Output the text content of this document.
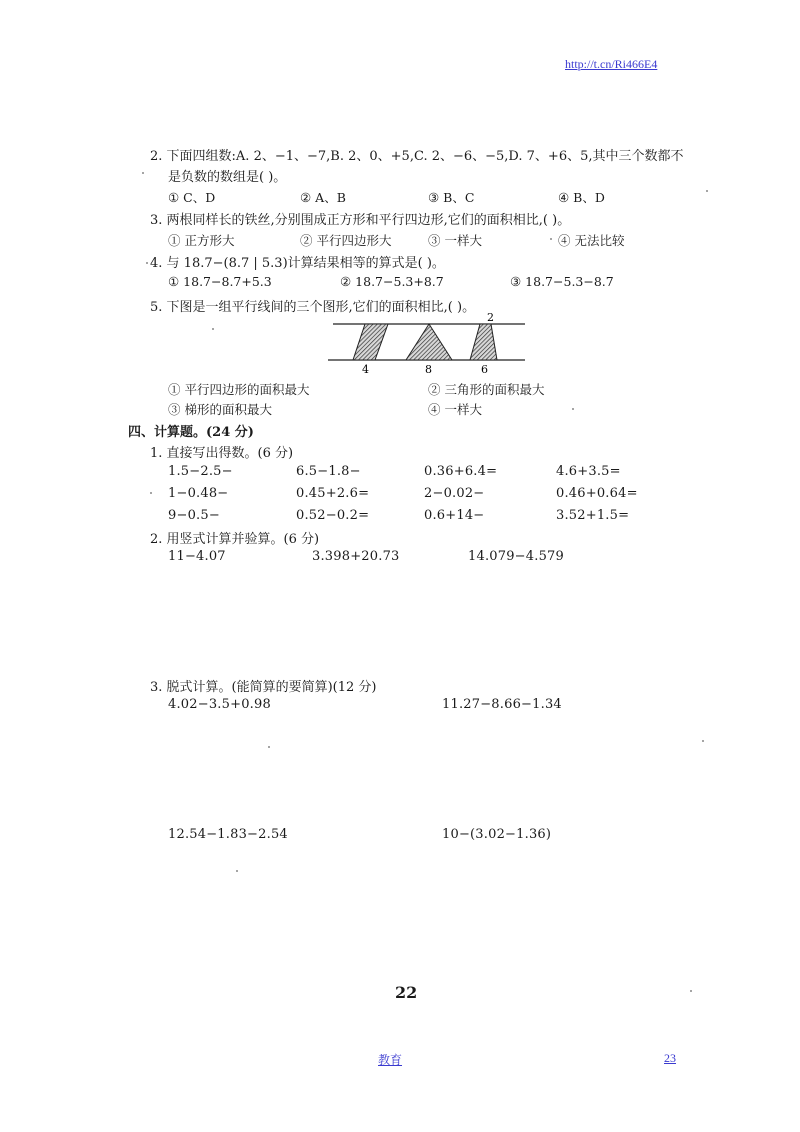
http://t.cn/Ri466E4
2. 下面四组数:A. 2、−1、−7,B. 2、0、+5,C. 2、−6、−5,D. 7、+6、5,其中三个数都不
是负数的数组是( )。
① C、D	② A、B	③ B、C	④ B、D
3. 两根同样长的铁丝,分别围成正方形和平行四边形,它们的面积相比,( )。
① 正方形大	② 平行四边形大	③ 一样大	④ 无法比较
4. 与 18.7−(8.7 | 5.3)计算结果相等的算式是( )。
① 18.7−8.7+5.3	② 18.7−5.3+8.7	③ 18.7−5.3−8.7
5. 下图是一组平行线间的三个图形,它们的面积相比,( )。
2
4	8	6
① 平行四边形的面积最大	② 三角形的面积最大
③ 梯形的面积最大	④ 一样大
四、计算题。(24 分)
1. 直接写出得数。(6 分)
1.5−2.5−	6.5−1.8−	0.36+6.4=	4.6+3.5=
1−0.48−	0.45+2.6=	2−0.02−	0.46+0.64=
9−0.5−	0.52−0.2=	0.6+14−	3.52+1.5=
2. 用竖式计算并验算。(6 分)
11−4.07	3.398+20.73	14.079−4.579
3. 脱式计算。(能简算的要简算)(12 分)
4.02−3.5+0.98	11.27−8.66−1.34
12.54−1.83−2.54	10−(3.02−1.36)
22
教育	23
